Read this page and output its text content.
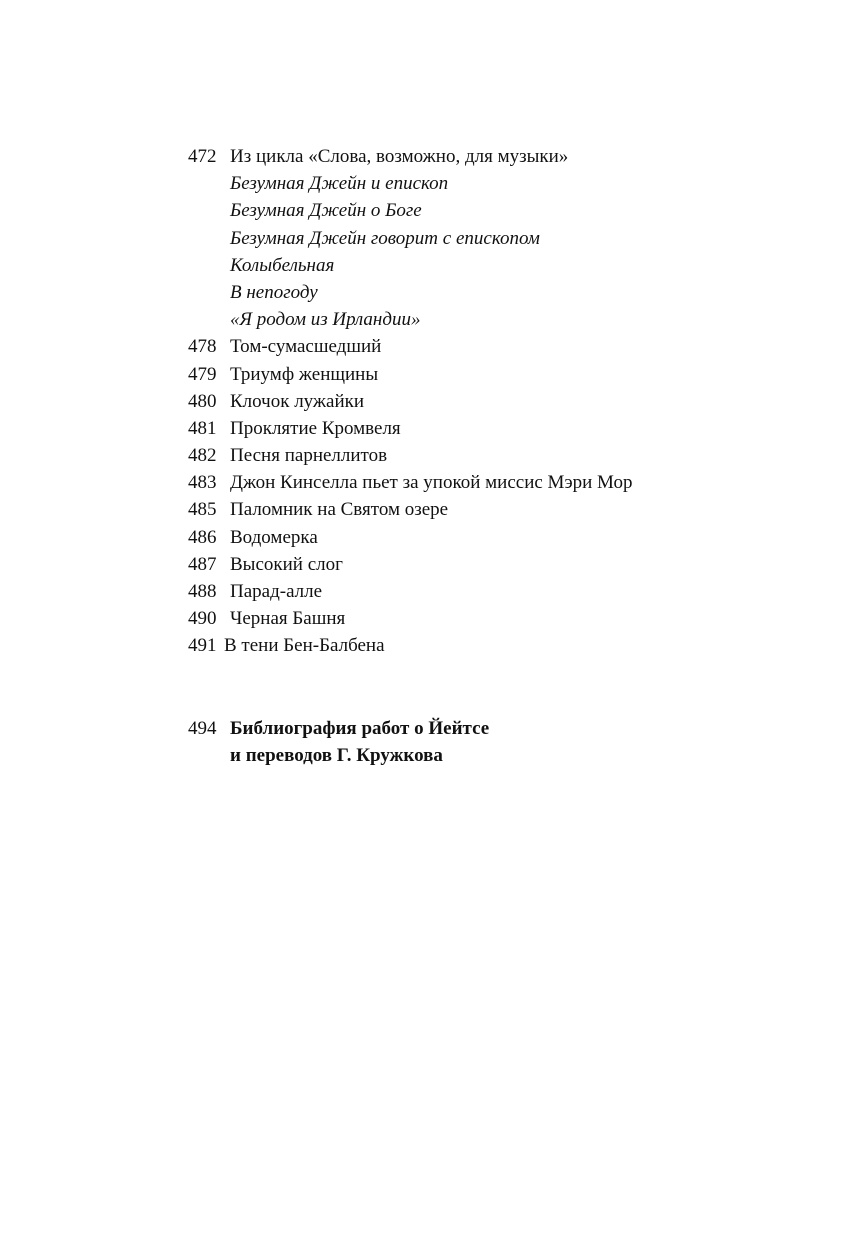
472 Из цикла «Слова, возможно, для музыки»
Безумная Джейн и епископ
Безумная Джейн о Боге
Безумная Джейн говорит с епископом
Колыбельная
В непогоду
«Я родом из Ирландии»
478 Том-сумасшедший
479 Триумф женщины
480 Клочок лужайки
481 Проклятие Кромвеля
482 Песня парнеллитов
483 Джон Кинселла пьет за упокой миссис Мэри Мор
485 Паломник на Святом озере
486 Водомерка
487 Высокий слог
488 Парад-алле
490 Черная Башня
491 В тени Бен-Балбена
494 Библиография работ о Йейтсе
и переводов Г. Кружкова
